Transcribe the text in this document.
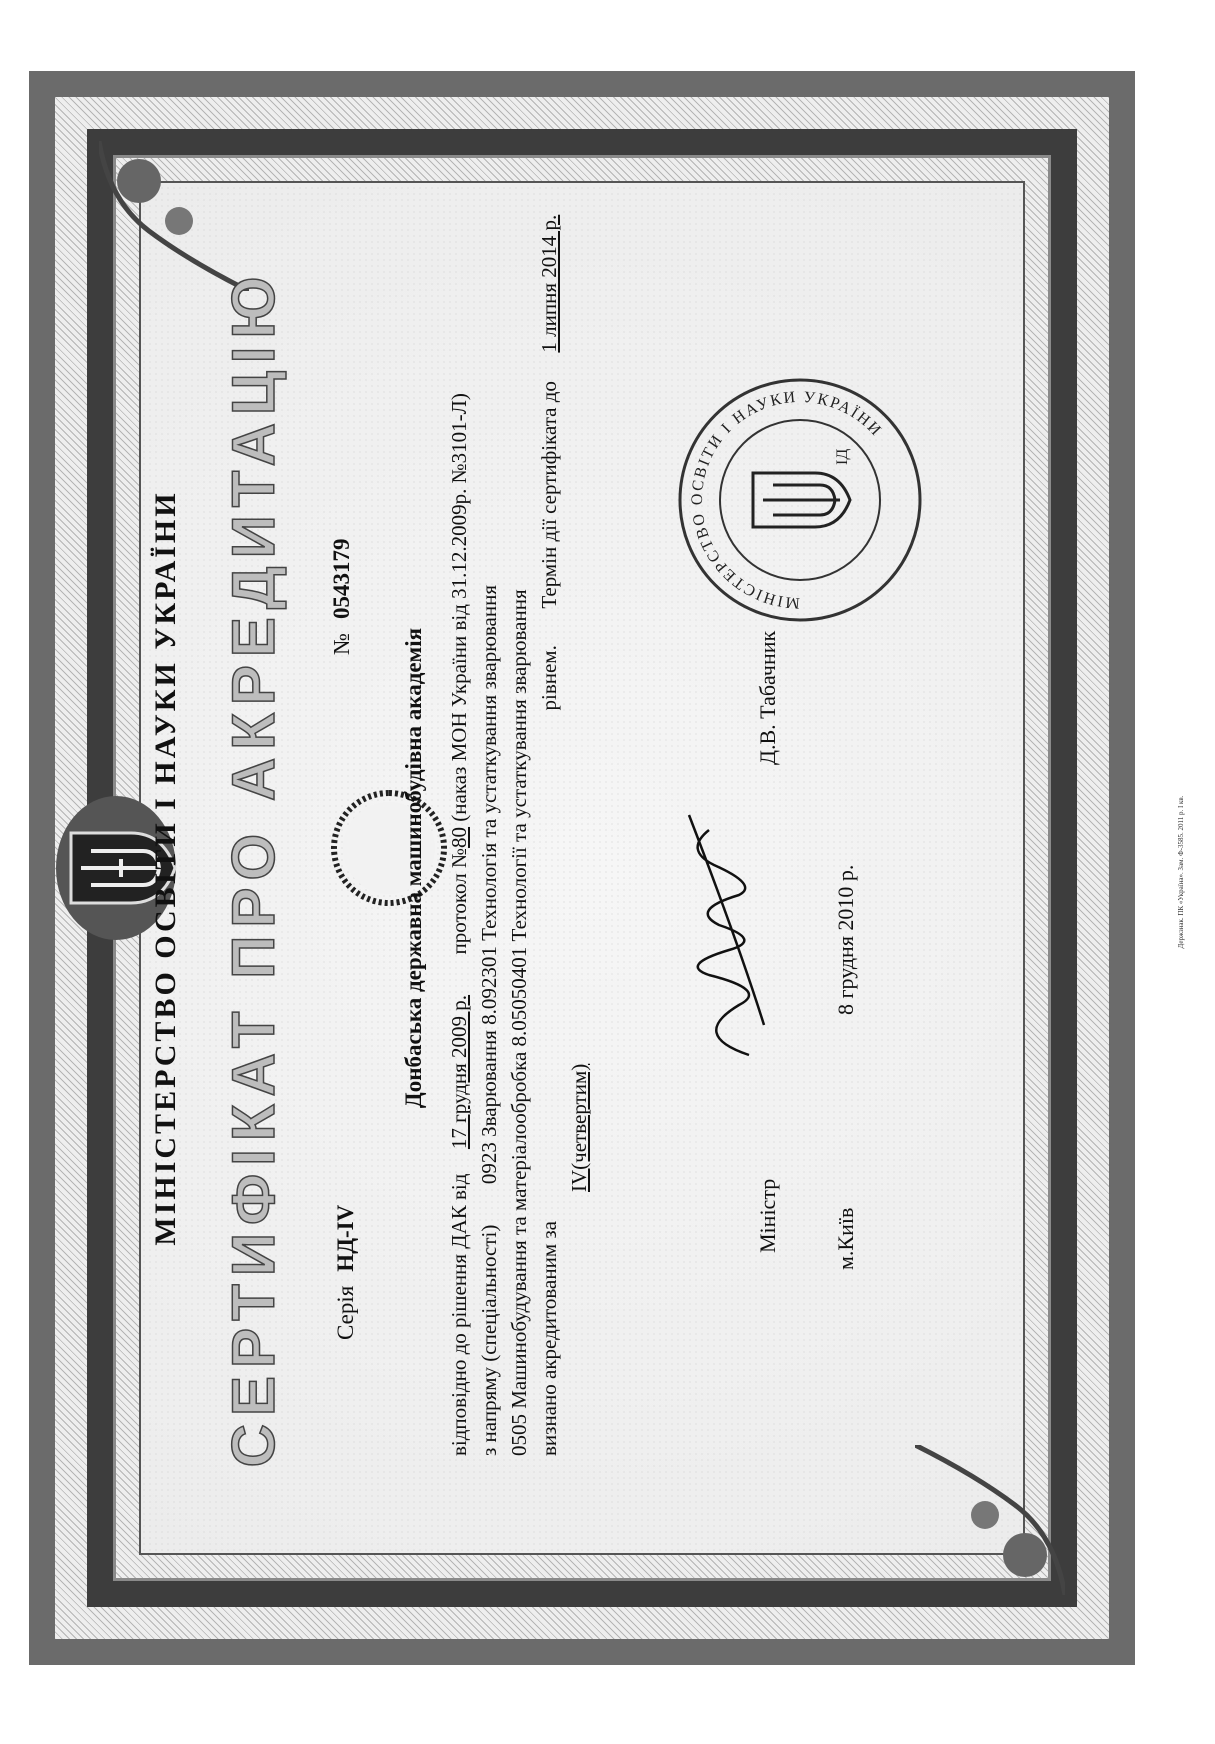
Держзнак. ПК «Україна». Зам. Ф-3585. 2011 р. І кв.
МІНІСТЕРСТВО ОСВІТИ І НАУКИ УКРАЇНИ СЕРТИФІКАТ ПРО АКРЕДИТАЦІЮ СеріяНД-IV
№0543179
Донбаська державна машинобудівна академія
відповідно до рішення ДАК від  17 грудня 2009 р.  протокол №80 (наказ МОН України від 31.12.2009р. №3101-Л)
з напряму (спеціальності)  0923 Зварювання 8.092301 Технологія та устаткування зварювання 0505 Машинобудування та матеріалообробка 8.05050401 Технології та устаткування зварювання визнано акредитованим за  рівнем.  Термін дії сертифіката до  1 липня 2014 р.
IV(четвертим)
Міністр
Д.В. Табачник
м.Київ
8 грудня 2010 р.
МІНІСТЕРСТВО ОСВІТИ І НАУКИ УКРАЇНИ
ІД
